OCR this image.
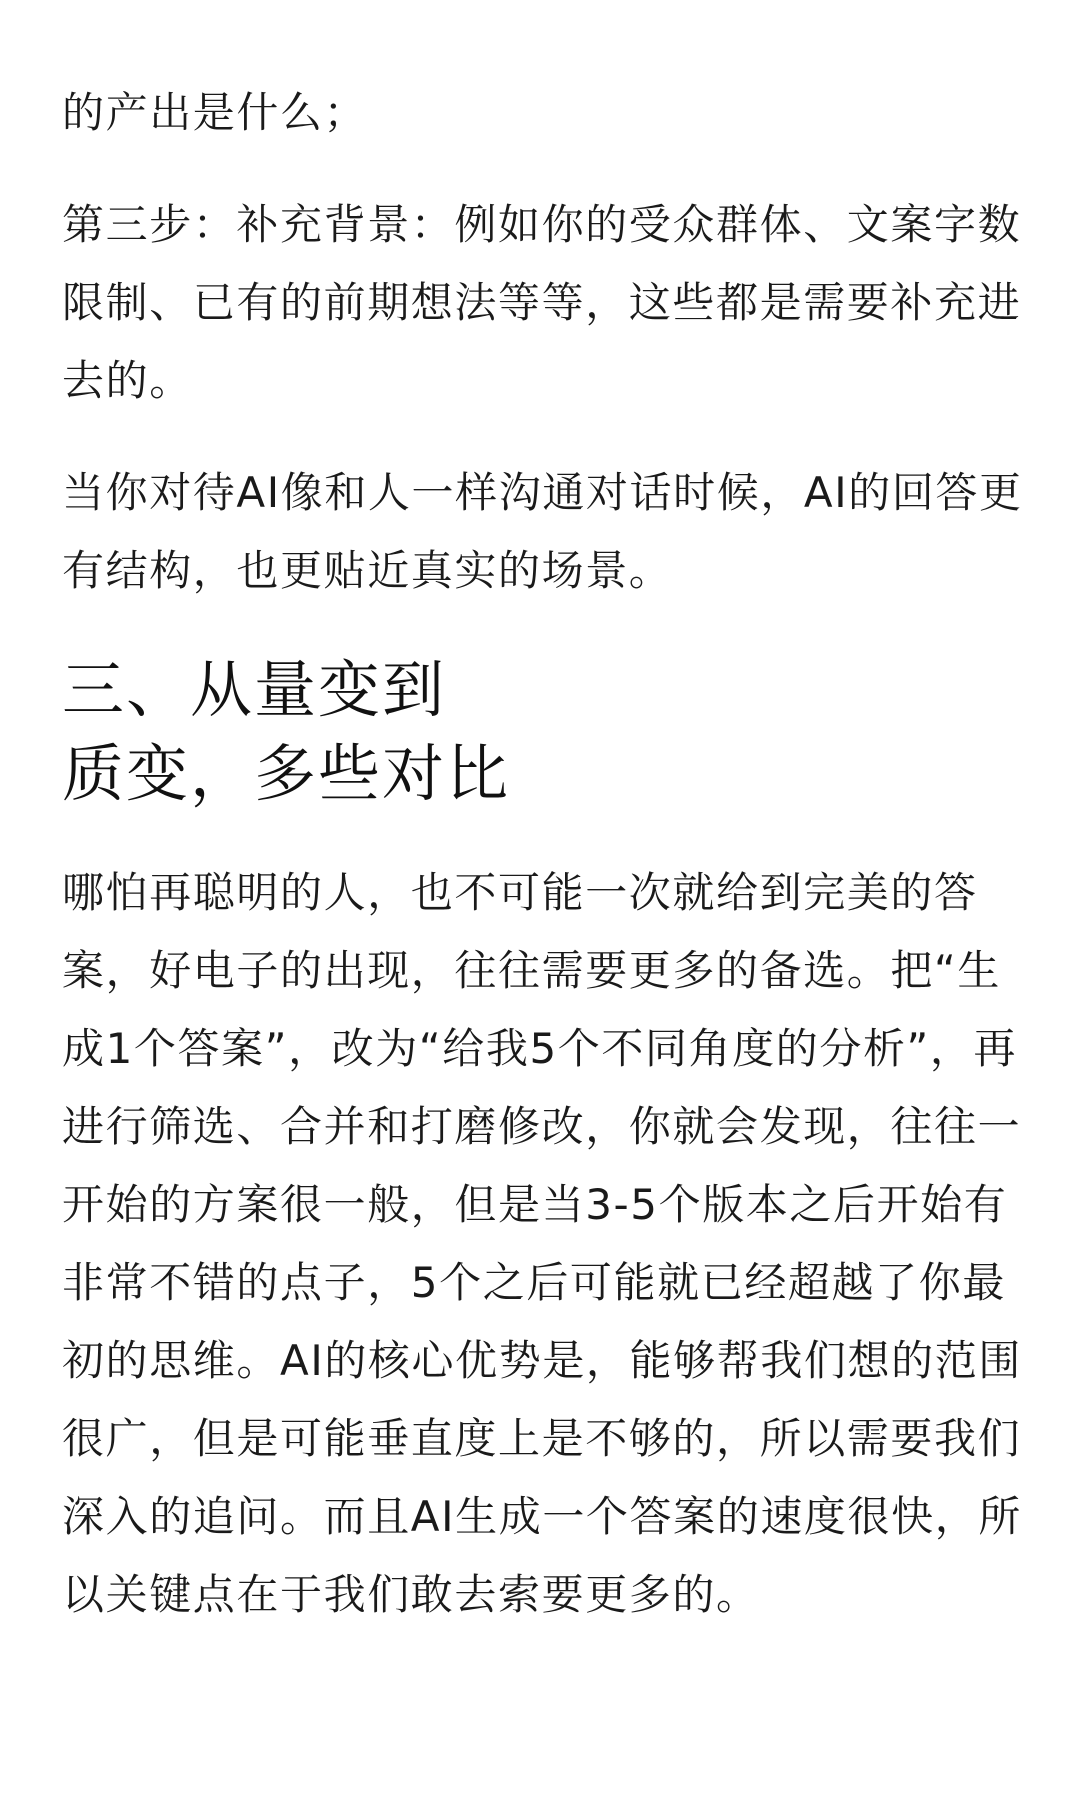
的产出是什么；

第三步：补充背景：例如你的受众群体、文案字数
限制、已有的前期想法等等，这些都是需要补充进
去的。

当你对待AI像和人一样沟通对话时候，AI的回答更
有结构，也更贴近真实的场景。

三、从量变到
质变，多些对比

哪怕再聪明的人，也不可能一次就给到完美的答
案，好电子的出现，往往需要更多的备选。把“生
成1个答案”，改为“给我5个不同角度的分析”，再
进行筛选、合并和打磨修改，你就会发现，往往一
开始的方案很一般，但是当3-5个版本之后开始有
非常不错的点子，5个之后可能就已经超越了你最
初的思维。AI的核心优势是，能够帮我们想的范围
很广，但是可能垂直度上是不够的，所以需要我们
深入的追问。而且AI生成一个答案的速度很快，所
以关键点在于我们敢去索要更多的。
